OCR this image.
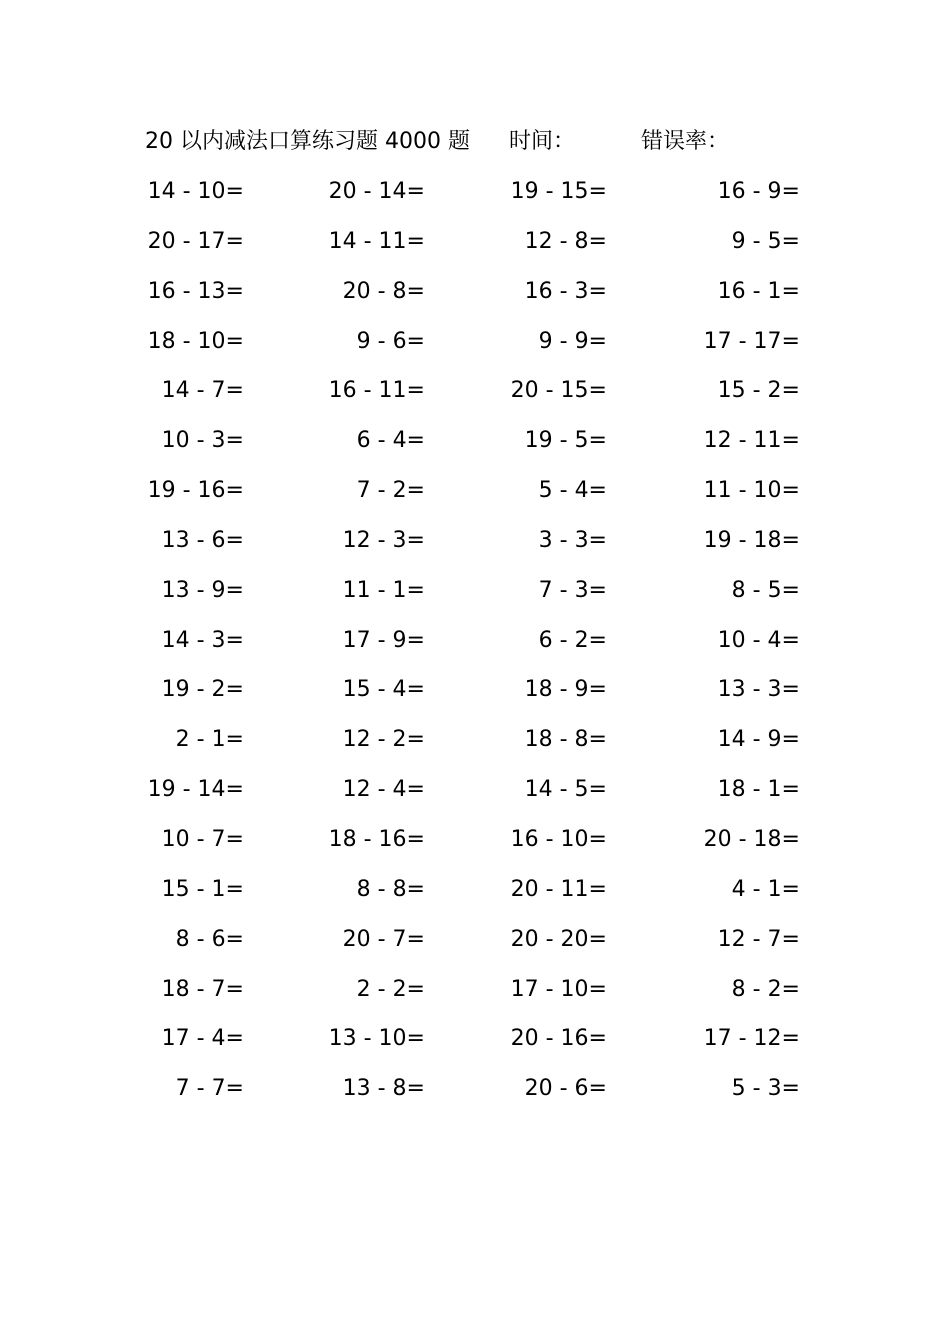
20 以内减法口算练习题 4000 题 时间：	错误率：
14 - 10=	20 - 14=	19 - 15=	16 - 9=
20 - 17=	14 - 11=	12 - 8=	9 - 5=
16 - 13=	20 - 8=	16 - 3=	16 - 1=
18 - 10=	9 - 6=	9 - 9=	17 - 17=
14 - 7=	16 - 11=	20 - 15=	15 - 2=
10 - 3=	6 - 4=	19 - 5=	12 - 11=
19 - 16=	7 - 2=	5 - 4=	11 - 10=
13 - 6=	12 - 3=	3 - 3=	19 - 18=
13 - 9=	11 - 1=	7 - 3=	8 - 5=
14 - 3=	17 - 9=	6 - 2=	10 - 4=
19 - 2=	15 - 4=	18 - 9=	13 - 3=
2 - 1=	12 - 2=	18 - 8=	14 - 9=
19 - 14=	12 - 4=	14 - 5=	18 - 1=
10 - 7=	18 - 16=	16 - 10=	20 - 18=
15 - 1=	8 - 8=	20 - 11=	4 - 1=
8 - 6=	20 - 7=	20 - 20=	12 - 7=
18 - 7=	2 - 2=	17 - 10=	8 - 2=
17 - 4=	13 - 10=	20 - 16=	17 - 12=
7 - 7=	13 - 8=	20 - 6=	5 - 3=
